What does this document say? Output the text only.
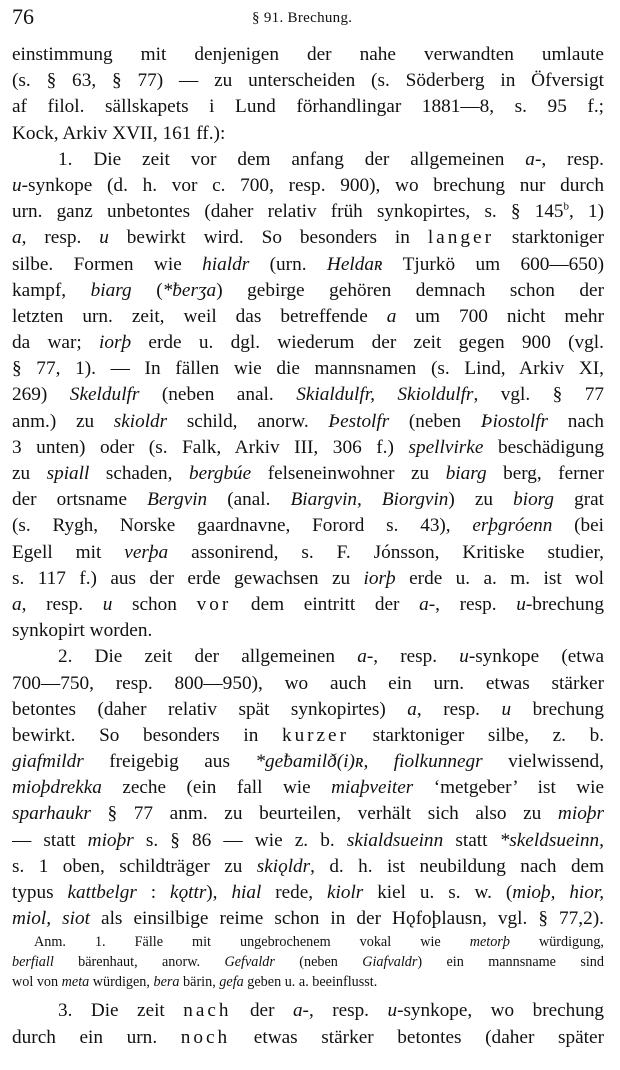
76	§ 91. Brechung.
einstimmung mit denjenigen der nahe verwandten umlaute
(s. § 63, § 77) — zu unterscheiden (s. Söderberg in Öfversigt
af filol. sällskapets i Lund förhandlingar 1881—8, s. 95 f.;
Kock, Arkiv XVII, 161 ff.):
1. Die zeit vor dem anfang der allgemeinen a-, resp.
u-synkope (d. h. vor c. 700, resp. 900), wo brechung nur durch
urn. ganz unbetontes (daher relativ früh synkopirtes, s. § 145$^b$, 1)
a, resp. u bewirkt wird. So besonders in langer starktoniger
silbe. Formen wie hialdr (urn. Heldaʀ Tjurkö um 600—650)
kampf, biarg (*ƀerʒa) gebirge gehören demnach schon der
letzten urn. zeit, weil das betreffende a um 700 nicht mehr
da war; iorþ erde u. dgl. wiederum der zeit gegen 900 (vgl.
§ 77, 1). — In fällen wie die mannsnamen (s. Lind, Arkiv XI,
269) Skeldulfr (neben anal. Skialdulfr, Skioldulfr, vgl. § 77
anm.) zu skioldr schild, anorw. Þestolfr (neben Þiostolfr nach
3 unten) oder (s. Falk, Arkiv III, 306 f.) spellvirke beschädigung
zu spiall schaden, bergbúe felseneinwohner zu biarg berg, ferner
der ortsname Bergvin (anal. Biargvin, Biorgvin) zu biorg grat
(s. Rygh, Norske gaardnavne, Forord s. 43), erþgróenn (bei
Egell mit verþa assonirend, s. F. Jónsson, Kritiske studier,
s. 117 f.) aus der erde gewachsen zu iorþ erde u. a. m. ist wol
a, resp. u schon vor dem eintritt der a-, resp. u-brechung
synkopirt worden.
2. Die zeit der allgemeinen a-, resp. u-synkope (etwa
700—750, resp. 800—950), wo auch ein urn. etwas stärker
betontes (daher relativ spät synkopirtes) a, resp. u brechung
bewirkt. So besonders in kurzer starktoniger silbe, z. b.
giafmildr freigebig aus *geƀamilð(i)ʀ, fiolkunnegr vielwissend,
mioþdrekka zeche (ein fall wie miaþveiter ‘metgeber’ ist wie
sparhaukr § 77 anm. zu beurteilen, verhält sich also zu mioþr
— statt mioþr s. § 86 — wie z. b. skialdsueinn statt *skeldsueinn,
s. 1 oben, schildträger zu skiǫldr, d. h. ist neubildung nach dem
typus kattbelgr : kǫttr), hial rede, kiolr kiel u. s. w. (mioþ, hior,
miol, siot als einsilbige reime schon in der Hǫfoþlausn, vgl. § 77,2).
Anm. 1. Fälle mit ungebrochenem vokal wie metorþ würdigung,
berfiall bärenhaut, anorw. Gefvaldr (neben Giafvaldr) ein mannsname sind
wol von meta würdigen, bera bärin, gefa geben u. a. beeinflusst.
3. Die zeit nach der a-, resp. u-synkope, wo brechung
durch ein urn. noch etwas stärker betontes (daher später
